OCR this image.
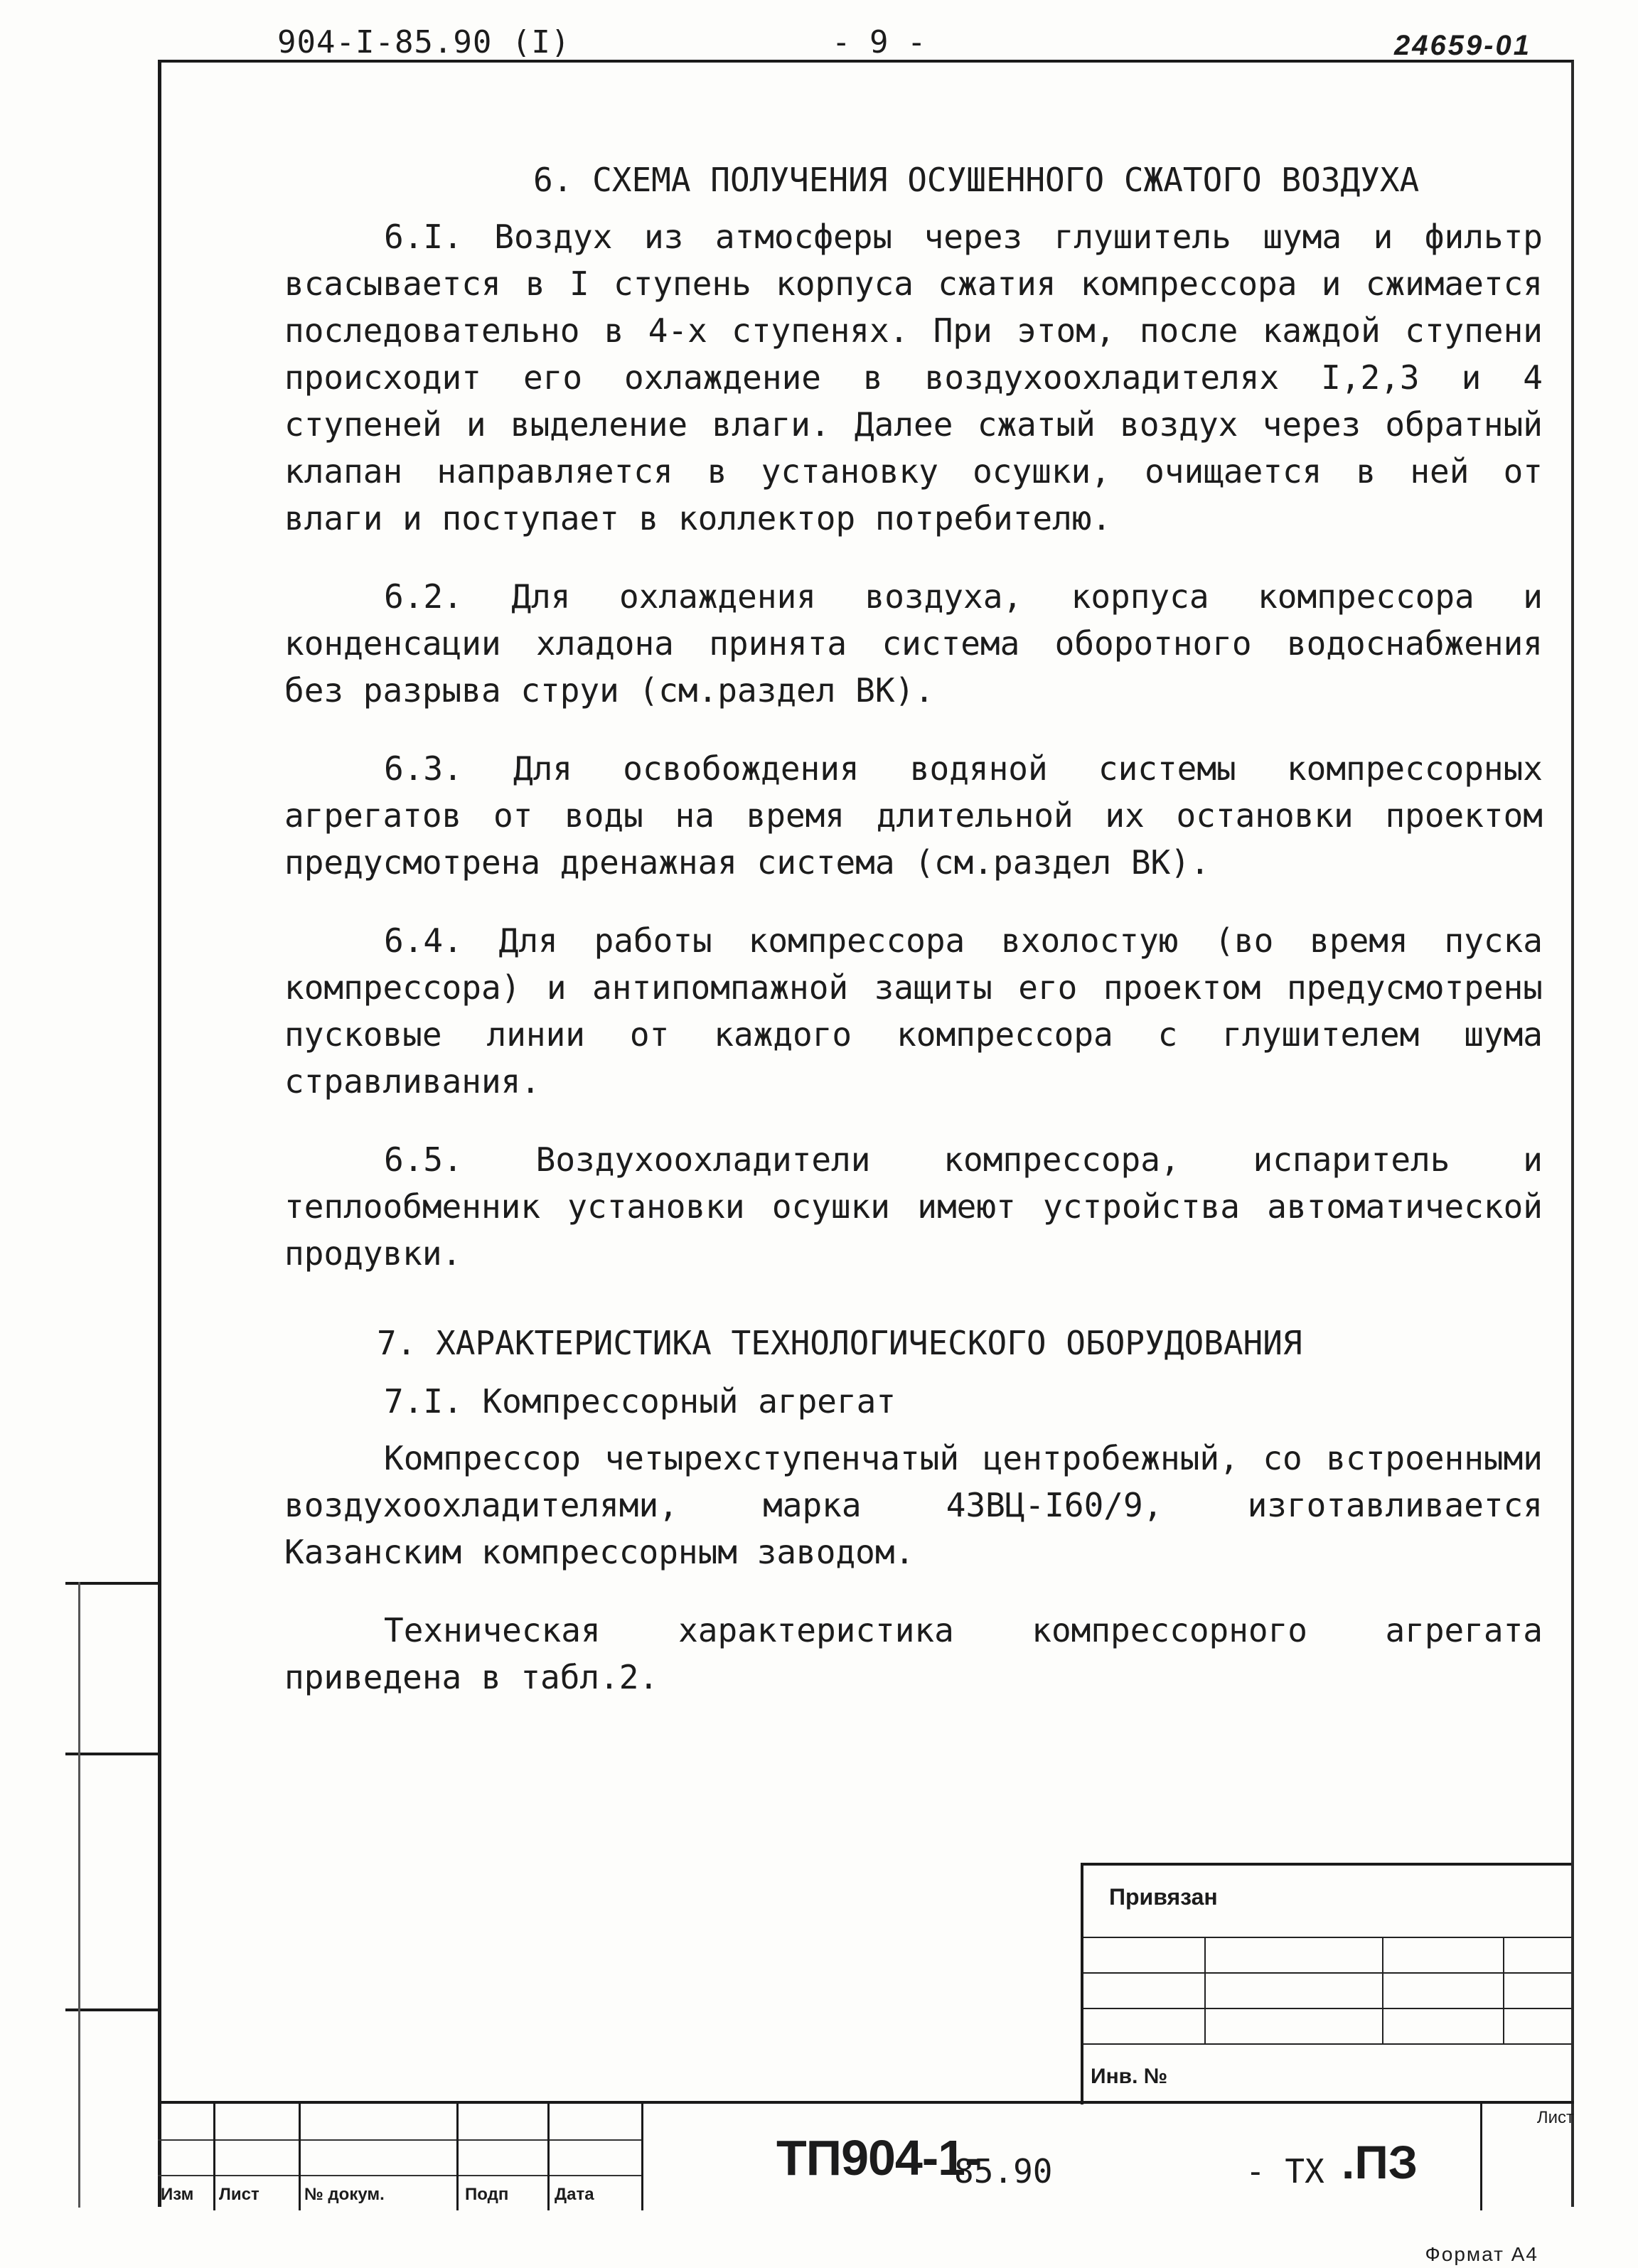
904-I-85.90 (I)	- 9 -	24659-01

6. СХЕМА ПОЛУЧЕНИЯ ОСУШЕННОГО СЖАТОГО ВОЗДУХА

6.I. Воздух из атмосферы через глушитель шума и фильтр всасывается в I ступень корпуса сжатия компрессора и сжимается последовательно в 4-х ступенях. При этом, после каждой ступени происходит его охлаждение в воздухоохладителях I,2,3 и 4 ступеней и выделение влаги. Далее сжатый воздух через обратный клапан направляется в установку осушки, очищается в ней от влаги и поступает в коллектор потребителю.

6.2. Для охлаждения воздуха, корпуса компрессора и конденсации хладона принята система оборотного водоснабжения без разрыва струи (см.раздел ВК).

6.3. Для освобождения водяной системы компрессорных агрегатов от воды на время длительной их остановки проектом предусмотрена дренажная система (см.раздел ВК).

6.4. Для работы компрессора вхолостую (во время пуска компрессора) и антипомпажной защиты его проектом предусмотрены пусковые линии от каждого компрессора с глушителем шума стравливания.

6.5. Воздухоохладители компрессора, испаритель и теплообменник установки осушки имеют устройства автоматической продувки.

7. ХАРАКТЕРИСТИКА ТЕХНОЛОГИЧЕСКОГО ОБОРУДОВАНИЯ

7.I. Компрессорный агрегат

Компрессор четырехступенчатый центробежный, со встроенными воздухоохладителями, марка 43ВЦ-I60/9, изготавливается Казанским компрессорным заводом.

Техническая характеристика компрессорного агрегата приведена в табл.2.

Привязан
Инв. №
Изм Лист	№ докум.	Подп	Дата
ТП904-1-
85.90	- ТХ .ПЗ
Лист
Формат А4
